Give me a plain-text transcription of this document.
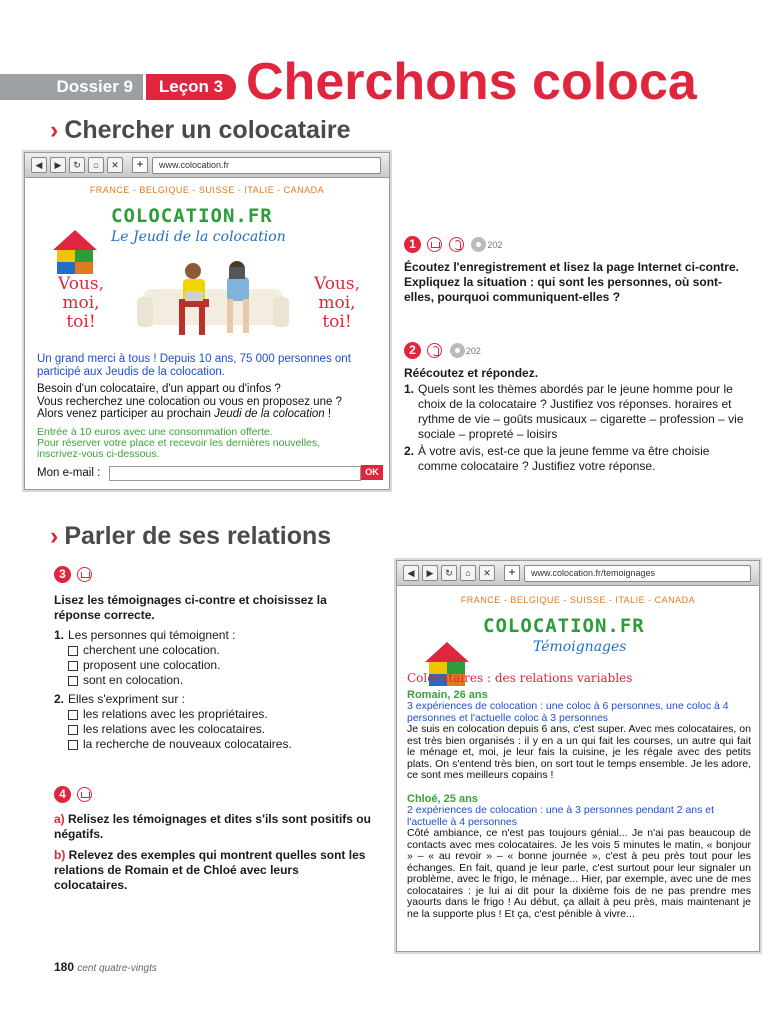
Dossier 9	Leçon 3 Cherchons coloca
› Chercher un colocataire
◀	▶	↻	⌂	✕	+	www.colocation.fr
FRANCE - BELGIQUE - SUISSE - ITALIE - CANADA
COLOCATION.FR
Le Jeudi de la colocation
Vous,
moi,
toi!
Vous,
moi,
toi!
Un grand merci à tous ! Depuis 10 ans, 75 000 personnes ont participé aux Jeudis de la colocation.
Besoin d'un colocataire, d'un appart ou d'infos ?
Vous recherchez une colocation ou vous en proposez une ?
Alors venez participer au prochain Jeudi de la colocation !
Entrée à 10 euros avec une consommation offerte.
Pour réserver votre place et recevoir les dernières nouvelles,
inscrivez-vous ci-dessous.
Mon e-mail :	OK
1	202
Écoutez l'enregistrement et lisez la page Internet ci-contre. Expliquez la situation : qui sont les personnes, où sont-elles, pourquoi communiquent-elles ?
2	202
Réécoutez et répondez.
1. Quels sont les thèmes abordés par le jeune homme pour le choix de la colocataire ? Justifiez vos réponses. horaires et rythme de vie – goûts musicaux – cigarette – profession – vie sociale – propreté – loisirs
2. À votre avis, est-ce que la jeune femme va être choisie comme colocataire ? Justifiez votre réponse.
› Parler de ses relations
3
Lisez les témoignages ci-contre et choisissez la réponse correcte.
1. Les personnes qui témoignent :
cherchent une colocation.
proposent une colocation.
sont en colocation.
2. Elles s'expriment sur :
les relations avec les propriétaires.
les relations avec les colocataires.
la recherche de nouveaux colocataires.
4
a) Relisez les témoignages et dites s'ils sont positifs ou négatifs.
b) Relevez des exemples qui montrent quelles sont les relations de Romain et de Chloé avec leurs colocataires.
◀	▶	↻	⌂	✕	+	www.colocation.fr/temoignages
FRANCE - BELGIQUE - SUISSE - ITALIE - CANADA
COLOCATION.FR
Témoignages
Colocataires : des relations variables
Romain, 26 ans
3 expériences de colocation : une coloc à 6 personnes, une coloc à 4 personnes et l'actuelle coloc à 3 personnes
Je suis en colocation depuis 6 ans, c'est super. Avec mes colocataires, on est très bien organisés : il y en a un qui fait les courses, un autre qui fait le ménage et, moi, je leur fais la cuisine, je les régale avec des petits plats. On s'entend très bien, on sort tout le temps ensemble. Je les adore, ce sont mes meilleurs copains !
Chloé, 25 ans
2 expériences de colocation : une à 3 personnes pendant 2 ans et l'actuelle à 4 personnes
Côté ambiance, ce n'est pas toujours génial... Je n'ai pas beaucoup de contacts avec mes colocataires. Je les vois 5 minutes le matin, « bonjour » – « au revoir » – « bonne journée », c'est à peu près tout pour les échanges. En fait, quand je leur parle, c'est surtout pour leur signaler un problème, avec le frigo, le ménage... Hier, par exemple, avec une de mes colocataires : je lui ai dit pour la dixième fois de ne pas prendre mes yaourts dans le frigo ! Au début, ça allait à peu près, mais maintenant je ne la supporte plus ! Et ça, c'est pénible à vivre...
180 cent quatre-vingts
